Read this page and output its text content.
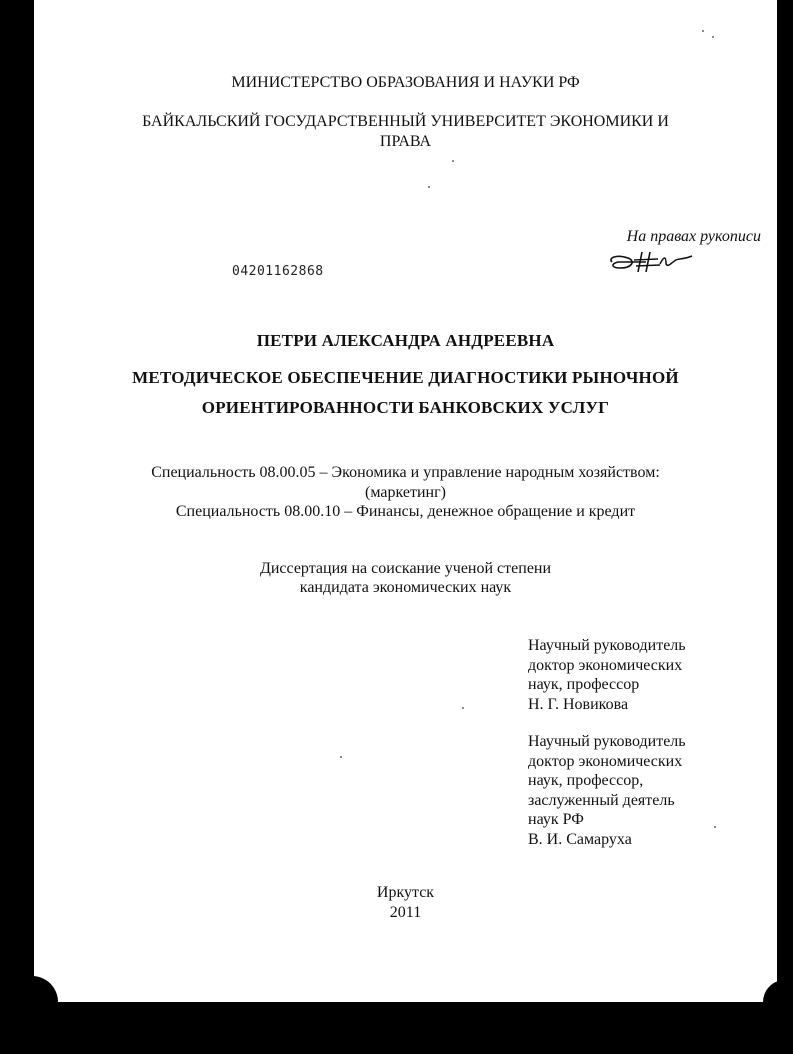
МИНИСТЕРСТВО ОБРАЗОВАНИЯ И НАУКИ РФ
БАЙКАЛЬСКИЙ ГОСУДАРСТВЕННЫЙ УНИВЕРСИТЕТ ЭКОНОМИКИ И
ПРАВА
На правах рукописи
04201162868
ПЕТРИ АЛЕКСАНДРА АНДРЕЕВНА
МЕТОДИЧЕСКОЕ ОБЕСПЕЧЕНИЕ ДИАГНОСТИКИ РЫНОЧНОЙ
ОРИЕНТИРОВАННОСТИ БАНКОВСКИХ УСЛУГ
Специальность 08.00.05 – Экономика и управление народным хозяйством:
(маркетинг)
Специальность 08.00.10 – Финансы, денежное обращение и кредит
Диссертация на соискание ученой степени
кандидата экономических наук
Научный руководитель
доктор экономических
наук, профессор
Н. Г. Новикова
Научный руководитель
доктор экономических
наук, профессор,
заслуженный деятель
наук РФ
В. И. Самаруха
Иркутск
2011
